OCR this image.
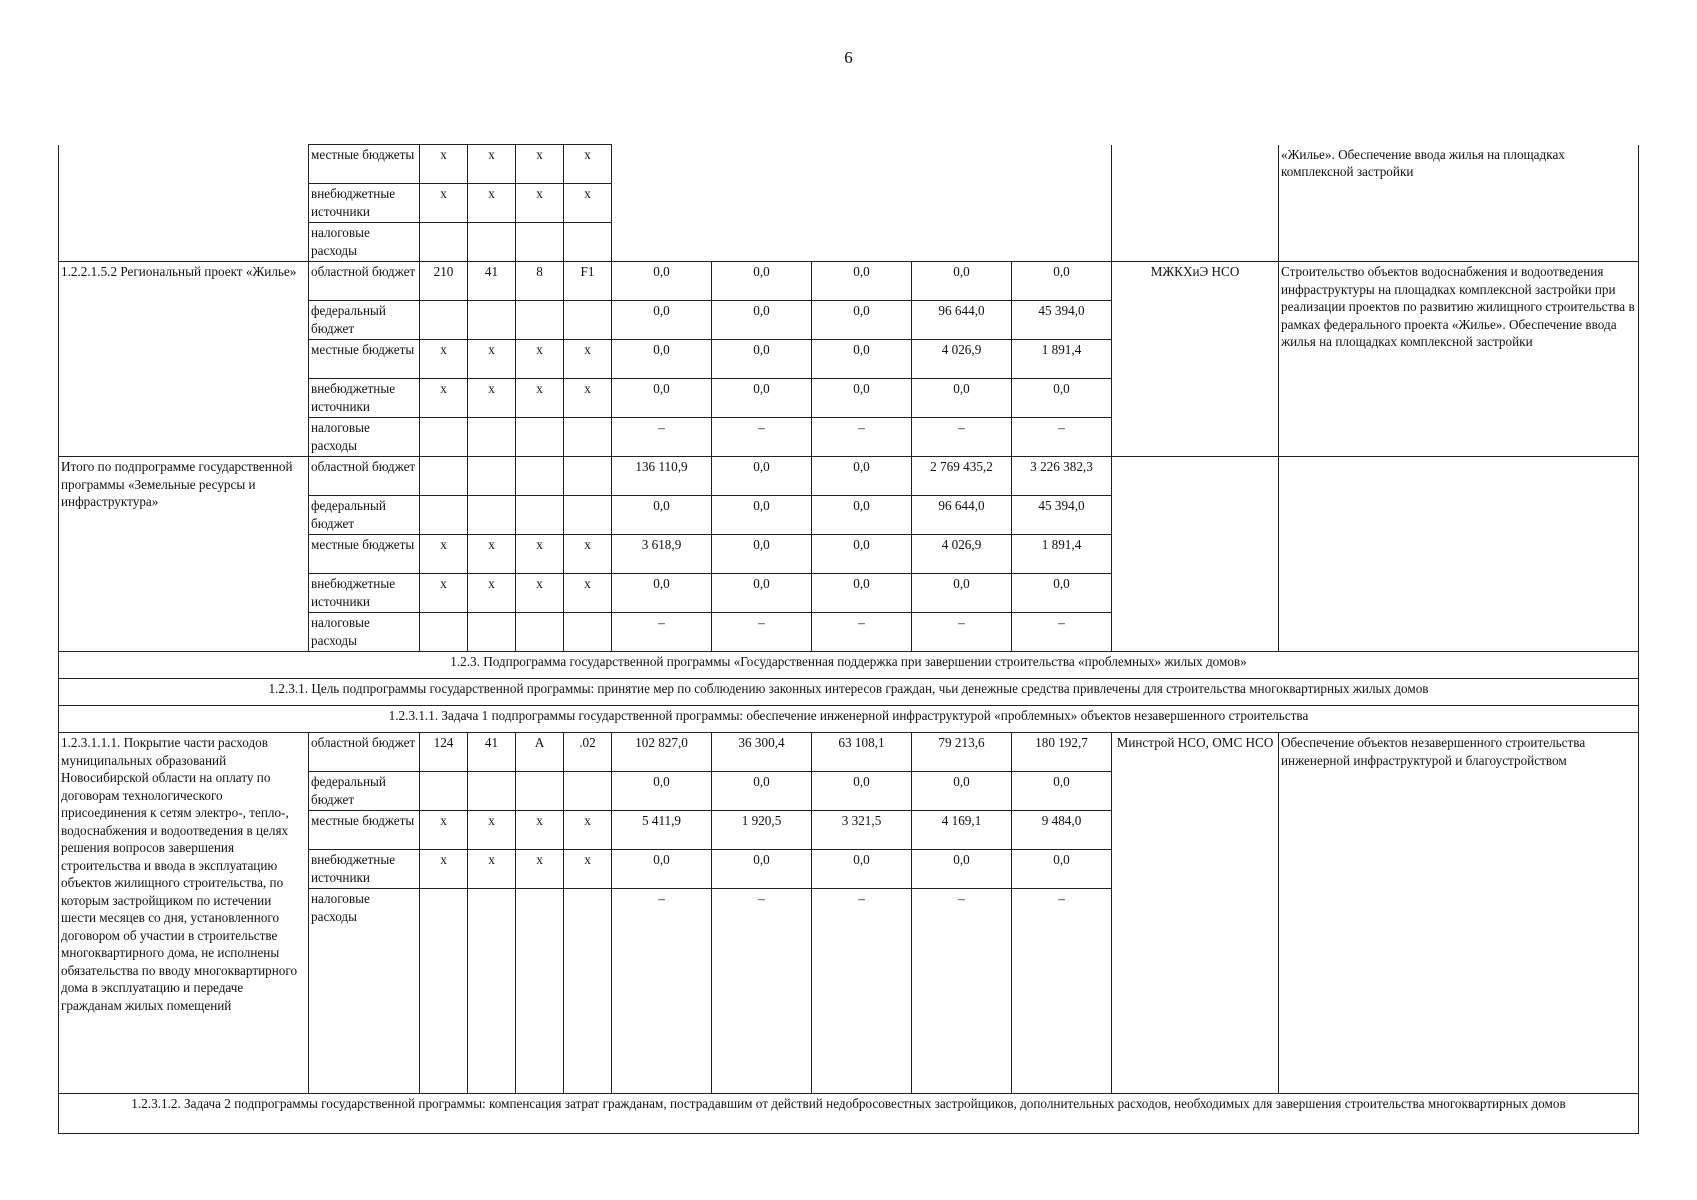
6
	местные бюджеты	x	x	x	x							«Жилье». Обеспечение ввода жилья на площадках комплексной застройки
	внебюджетные источники	x	x	x	x							
	налоговые расходы											
1.2.2.1.5.2 Региональный проект «Жилье»	областной бюджет	210	41	8	F1	0,0	0,0	0,0	0,0	0,0	МЖКХиЭ НСО	Строительство объектов водоснабжения и водоотведения инфраструктуры на площадках комплексной застройки при реализации проектов по развитию жилищного строительства в рамках федерального проекта «Жилье». Обеспечение ввода жилья на площадках комплексной застройки
	федеральный бюджет					0,0	0,0	0,0	96 644,0	45 394,0		
	местные бюджеты	x	x	x	x	0,0	0,0	0,0	4 026,9	1 891,4		
	внебюджетные источники	x	x	x	x	0,0	0,0	0,0	0,0	0,0		
	налоговые расходы					–	–	–	–	–		
Итого по подпрограмме государственной программы «Земельные ресурсы и инфраструктура»	областной бюджет					136 110,9	0,0	0,0	2 769 435,2	3 226 382,3		
	федеральный бюджет					0,0	0,0	0,0	96 644,0	45 394,0		
	местные бюджеты	x	x	x	x	3 618,9	0,0	0,0	4 026,9	1 891,4		
	внебюджетные источники	x	x	x	x	0,0	0,0	0,0	0,0	0,0		
	налоговые расходы					–	–	–	–	–		
1.2.3. Подпрограмма государственной программы «Государственная поддержка при завершении строительства «проблемных» жилых домов»												
1.2.3.1. Цель подпрограммы государственной программы: принятие мер по соблюдению законных интересов граждан, чьи денежные средства привлечены для строительства многоквартирных жилых домов												
1.2.3.1.1. Задача 1 подпрограммы государственной программы: обеспечение инженерной инфраструктурой «проблемных» объектов незавершенного строительства												
1.2.3.1.1.1. Покрытие части расходов муниципальных образований Новосибирской области на оплату по договорам технологического присоединения к сетям электро-, тепло-, водоснабжения и водоотведения в целях решения вопросов завершения строительства и ввода в эксплуатацию объектов жилищного строительства, по которым застройщиком по истечении шести месяцев со дня, установленного договором об участии в строительстве многоквартирного дома, не исполнены обязательства по вводу многоквартирного дома в эксплуатацию и передаче гражданам жилых помещений	областной бюджет	124	41	A	.02	102 827,0	36 300,4	63 108,1	79 213,6	180 192,7	Минстрой НСО, ОМС НСО	Обеспечение объектов незавершенного строительства инженерной инфраструктурой и благоустройством
	федеральный бюджет					0,0	0,0	0,0	0,0	0,0		
	местные бюджеты	x	x	x	x	5 411,9	1 920,5	3 321,5	4 169,1	9 484,0		
	внебюджетные источники	x	x	x	x	0,0	0,0	0,0	0,0	0,0		
	налоговые расходы					–	–	–	–	–		
1.2.3.1.2. Задача 2 подпрограммы государственной программы: компенсация затрат гражданам, пострадавшим от действий недобросовестных застройщиков, дополнительных расходов, необходимых для завершения строительства многоквартирных домов												
